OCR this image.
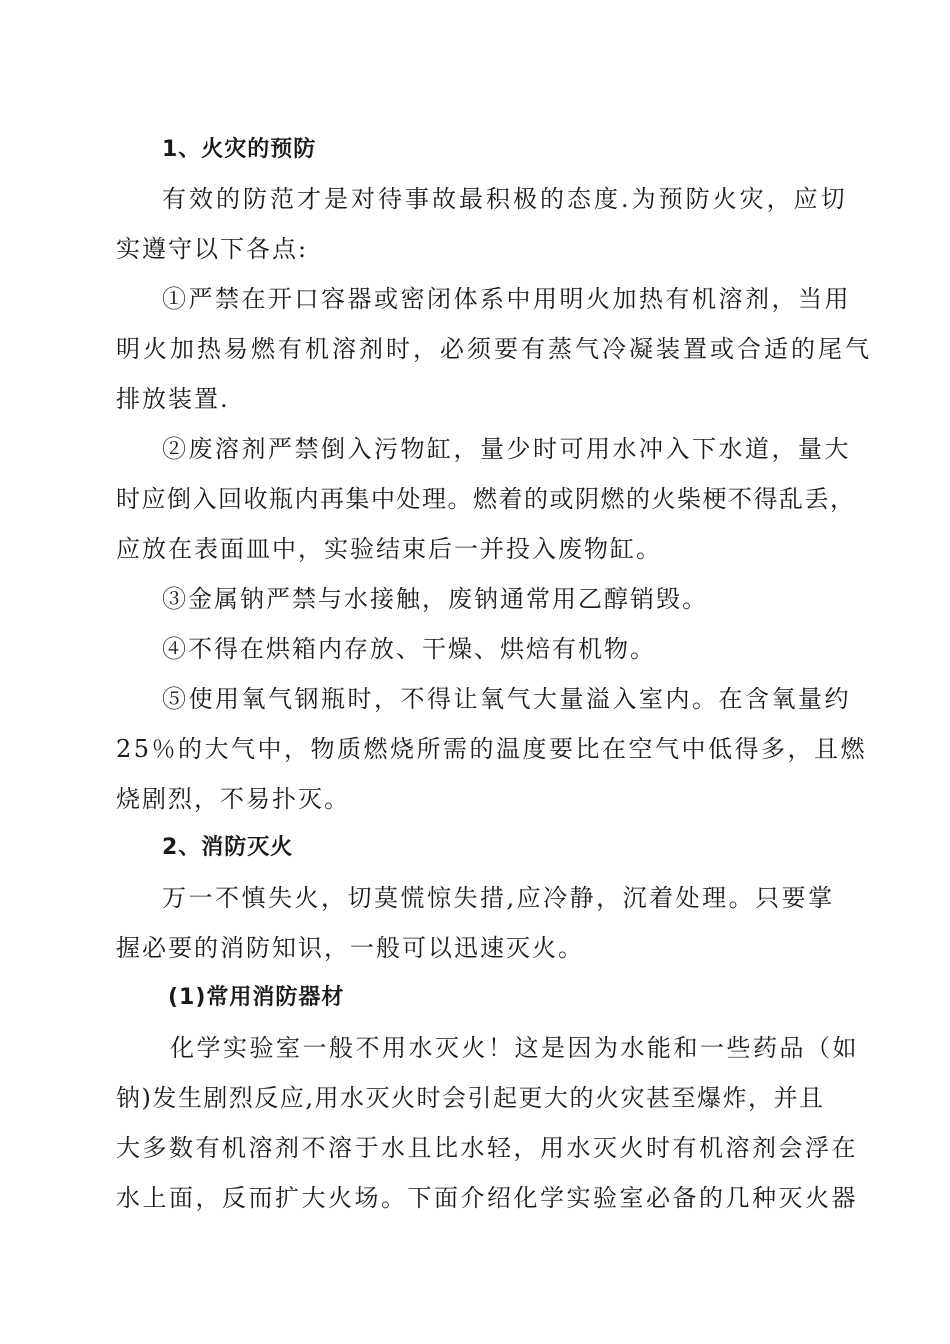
1、火灾的预防
有效的防范才是对待事故最积极的态度.为预防火灾，应切
实遵守以下各点:
①严禁在开口容器或密闭体系中用明火加热有机溶剂，当用
明火加热易燃有机溶剂时，必须要有蒸气冷凝装置或合适的尾气
排放装置.
②废溶剂严禁倒入污物缸，量少时可用水冲入下水道，量大
时应倒入回收瓶内再集中处理。燃着的或阴燃的火柴梗不得乱丢，
应放在表面皿中，实验结束后一并投入废物缸。
③金属钠严禁与水接触，废钠通常用乙醇销毁。
④不得在烘箱内存放、干燥、烘焙有机物。
⑤使用氧气钢瓶时，不得让氧气大量溢入室内。在含氧量约
25％的大气中，物质燃烧所需的温度要比在空气中低得多，且燃
烧剧烈，不易扑灭。
2、消防灭火
万一不慎失火，切莫慌惊失措,应冷静，沉着处理。只要掌
握必要的消防知识，一般可以迅速灭火。
(1)常用消防器材
化学实验室一般不用水灭火！这是因为水能和一些药品（如
钠)发生剧烈反应,用水灭火时会引起更大的火灾甚至爆炸，并且
大多数有机溶剂不溶于水且比水轻，用水灭火时有机溶剂会浮在
水上面，反而扩大火场。下面介绍化学实验室必备的几种灭火器
